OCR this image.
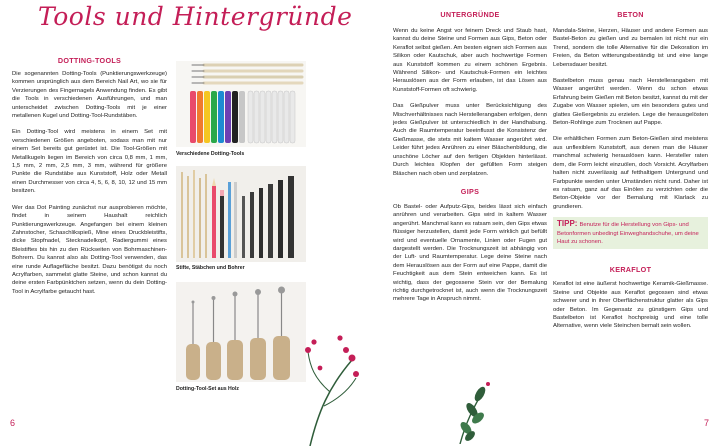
Tools und Hintergründe
DOTTING-TOOLS

Die sogenannten Dotting-Tools (Punktierungswerkzeuge) kommen ursprünglich aus dem Bereich Nail Art, wo sie für Verzierungen des Fingernagels Anwendung finden. Es gibt die Tools in verschiedenen Ausführungen, und man unterscheidet zwischen Dotting-Tools mit je einer metallenen Kugel und Dotting-Tool-Rundstäben.

Ein Dotting-Tool wird meistens in einem Set mit verschiedenen Größen angeboten, sodass man mit nur einem Set bereits gut gerüstet ist. Die Tool-Größen mit Metallkugeln liegen im Bereich von circa 0,8 mm, 1 mm, 1,5 mm, 2 mm, 2,5 mm, 3 mm, während für größere Punkte die Rundstäbe aus Kunststoff, Holz oder Metall einen Durchmesser von circa 4, 5, 6, 8, 10, 12 und 15 mm besitzen.

Wer das Dot Painting zunächst nur ausprobieren möchte, findet in seinem Haushalt reichlich Punktierungswerkzeuge. Angefangen bei einem kleinen Zahnstocher, Schaschlikspieß, Mine eines Druckbleistifts, dicke Stopfnadel, Stecknadelkopf, Radiergummi eines Bleistiftes bis hin zu den Rückseiten von Bohrmaschinen-Bohrern. Du kannst also als Dotting-Tool verwenden, das eine runde Auflagefläche besitzt. Dazu benötigst du noch Acrylfarben, sammelst glatte Steine, und schon kannst du deine ersten Farbpünktchen setzen, wenn du dein Dotting-Tool in Acrylfarbe getaucht hast.

6
Verschiedene Dotting-Tools
Stifte, Stäbchen und Bohrer
Dotting-Tool-Set aus Holz
UNTERGRÜNDE

Wenn du keine Angst vor feinem Dreck und Staub hast, kannst du deine Steine und Formen aus Gips, Beton oder Keraflot selbst gießen. Am besten eignen sich Formen aus Silikon oder Kautschuk, aber auch hochwertige Formen aus Kunststoff kommen zu einem schönen Ergebnis. Während Silikon- und Kautschuk-Formen ein leichtes Herauslösen aus der Form erlauben, ist das Lösen aus Kunststoff-Formen oft schwierig.

Das Gießpulver muss unter Berücksichtigung des Mischverhältnisses nach Herstellerangaben erfolgen, denn jedes Gießpulver ist unterschiedlich in der Handhabung. Auch die Raumtemperatur beeinflusst die Konsistenz der Gießmasse, die stets mit kaltem Wasser angerührt wird. Leider führt jedes Anrühren zu einer Bläschenbildung, die unschöne Löcher auf den fertigen Objekten hinterlässt. Durch leichtes Klopfen der gefüllten Form steigen Bläschen nach oben und zerplatzen.

GIPS

Ob Bastel- oder Aufputz-Gips, beides lässt sich einfach anrühren und verarbeiten. Gips wird in kaltem Wasser angerührt. Manchmal kann es ratsam sein, den Gips etwas flüssiger herzustellen, damit jede Form wirklich gut befüllt wird und eventuelle Ornamente, Linien oder Fugen gut dargestellt werden. Die Trocknungszeit ist abhängig von der Luft- und Raumtemperatur. Lege deine Steine nach dem Herauslösen aus der Form auf eine Pappe, damit die Feuchtigkeit aus dem Stein entweichen kann. Es ist wichtig, dass der gegossene Stein vor der Bemalung richtig durchgetrocknet ist, auch wenn die Trocknungszeit mehrere Tage in Anspruch nimmt.

BETON

Mandala-Steine, Herzen, Häuser und andere Formen aus Bastel-Beton zu gießen und zu bemalen ist nicht nur ein Trend, sondern die tolle Alternative für die Dekoration im Freien, da Beton witterungsbeständig ist und eine lange Lebensdauer besitzt.

Bastelbeton muss genau nach Herstellerangaben mit Wasser angerührt werden. Wenn du schon etwas Erfahrung beim Gießen mit Beton besitzt, kannst du mit der Zugabe von Wasser spielen, um ein besonders gutes und glattes Gießergebnis zu erzielen. Lege die herausgelösten Beton-Rohlinge zum Trocknen auf Pappe.

Die erhältlichen Formen zum Beton-Gießen sind meistens aus unflexiblem Kunststoff, aus denen man die Häuser manchmal schwierig herauslösen kann. Hersteller raten dem, die Form leicht einzuölen, doch Vorsicht. Acrylfarben halten nicht zuverlässig auf fetthaltigem Untergrund und Farbpunkte werden unter Umständen nicht rund. Daher ist es ratsam, ganz auf das Einölen zu verzichten oder die Beton-Objekte vor der Bemalung mit Klarlack zu grundieren.

TIPP: Benutze für die Herstellung von Gips- und Betonformen unbedingt Einweghandschuhe, um deine Haut zu schonen.
KERAFLOT

Keraflot ist eine äußerst hochwertige Keramik-Gießmasse. Steine und Objekte aus Keraflot gegossen sind etwas schwerer und in ihrer Oberflächenstruktur glatter als Gips oder Beton. Im Gegensatz zu günstigem Gips und Bastelbeton ist Keraflot hochpreisig und eine tolle Alternative, wenn viele Steinchen bemalt sein wollen.

7
